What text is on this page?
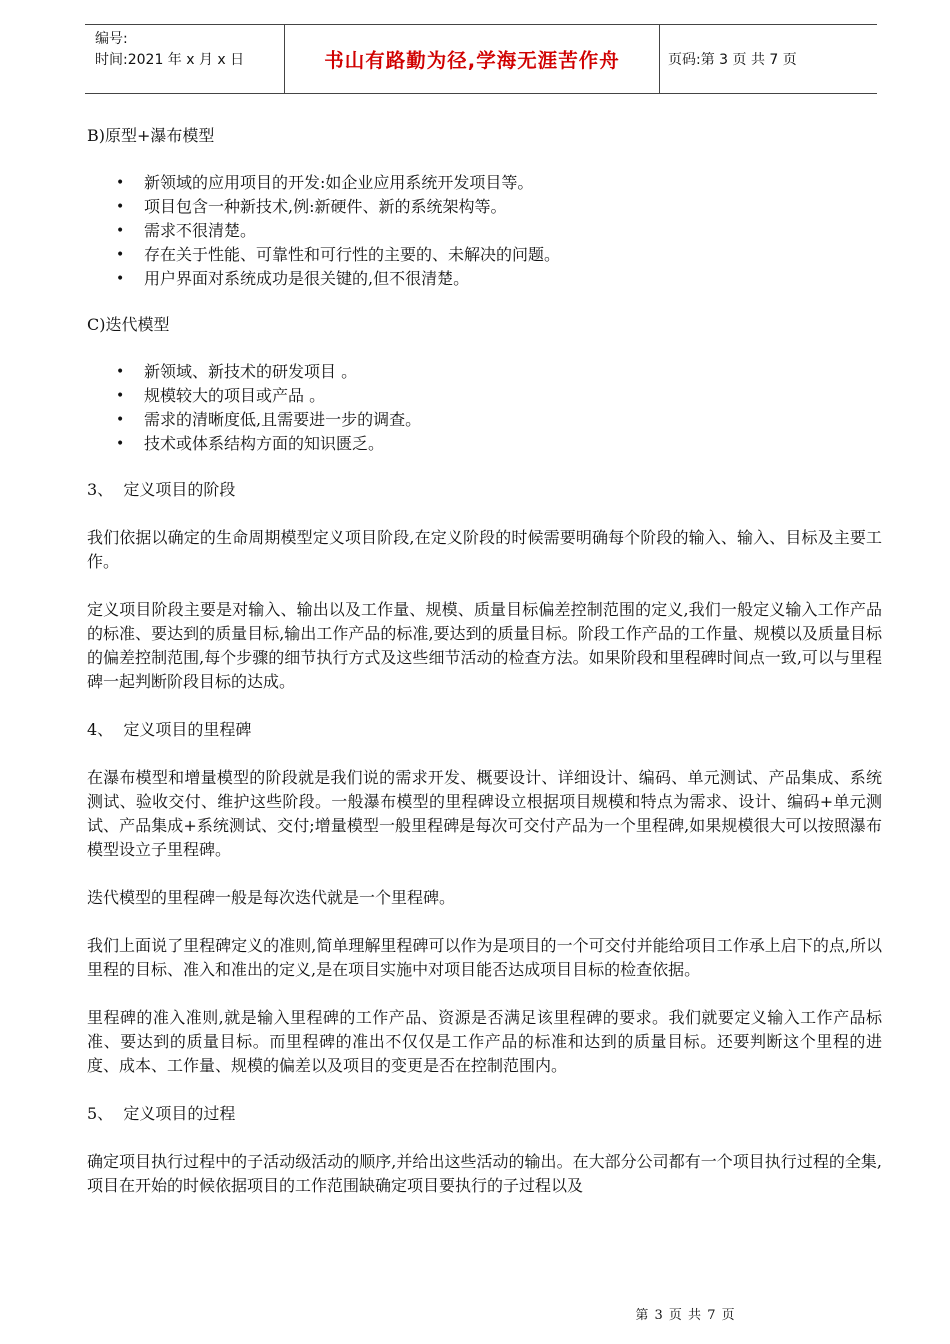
编号:
时间:2021 年 x 月 x 日	书山有路勤为径,学海无涯苦作舟	页码:第 3 页 共 7 页
B)原型+瀑布模型
• 新领域的应用项目的开发:如企业应用系统开发项目等。
• 项目包含一种新技术,例:新硬件、新的系统架构等。
• 需求不很清楚。
• 存在关于性能、可靠性和可行性的主要的、未解决的问题。
• 用户界面对系统成功是很关键的,但不很清楚。
C)迭代模型
• 新领域、新技术的研发项目 。
• 规模较大的项目或产品 。
• 需求的清晰度低,且需要进一步的调查。
• 技术或体系结构方面的知识匮乏。
3、  定义项目的阶段

我们依据以确定的生命周期模型定义项目阶段,在定义阶段的时候需要明确每个阶段的输入、输入、目标及主要工作。

定义项目阶段主要是对输入、输出以及工作量、规模、质量目标偏差控制范围的定义,我们一般定义输入工作产品的标准、要达到的质量目标,输出工作产品的标准,要达到的质量目标。阶段工作产品的工作量、规模以及质量目标的偏差控制范围,每个步骤的细节执行方式及这些细节活动的检查方法。如果阶段和里程碑时间点一致,可以与里程碑一起判断阶段目标的达成。

4、  定义项目的里程碑

在瀑布模型和增量模型的阶段就是我们说的需求开发、概要设计、详细设计、编码、单元测试、产品集成、系统测试、验收交付、维护这些阶段。一般瀑布模型的里程碑设立根据项目规模和特点为需求、设计、编码+单元测试、产品集成+系统测试、交付;增量模型一般里程碑是每次可交付产品为一个里程碑,如果规模很大可以按照瀑布模型设立子里程碑。

迭代模型的里程碑一般是每次迭代就是一个里程碑。

我们上面说了里程碑定义的准则,简单理解里程碑可以作为是项目的一个可交付并能给项目工作承上启下的点,所以里程的目标、准入和准出的定义,是在项目实施中对项目能否达成项目目标的检查依据。

里程碑的准入准则,就是输入里程碑的工作产品、资源是否满足该里程碑的要求。我们就要定义输入工作产品标准、要达到的质量目标。而里程碑的准出不仅仅是工作产品的标准和达到的质量目标。还要判断这个里程的进度、成本、工作量、规模的偏差以及项目的变更是否在控制范围内。

5、  定义项目的过程

确定项目执行过程中的子活动级活动的顺序,并给出这些活动的输出。在大部分公司都有一个项目执行过程的全集,项目在开始的时候依据项目的工作范围缺确定项目要执行的子过程以及

第 3 页 共 7 页
